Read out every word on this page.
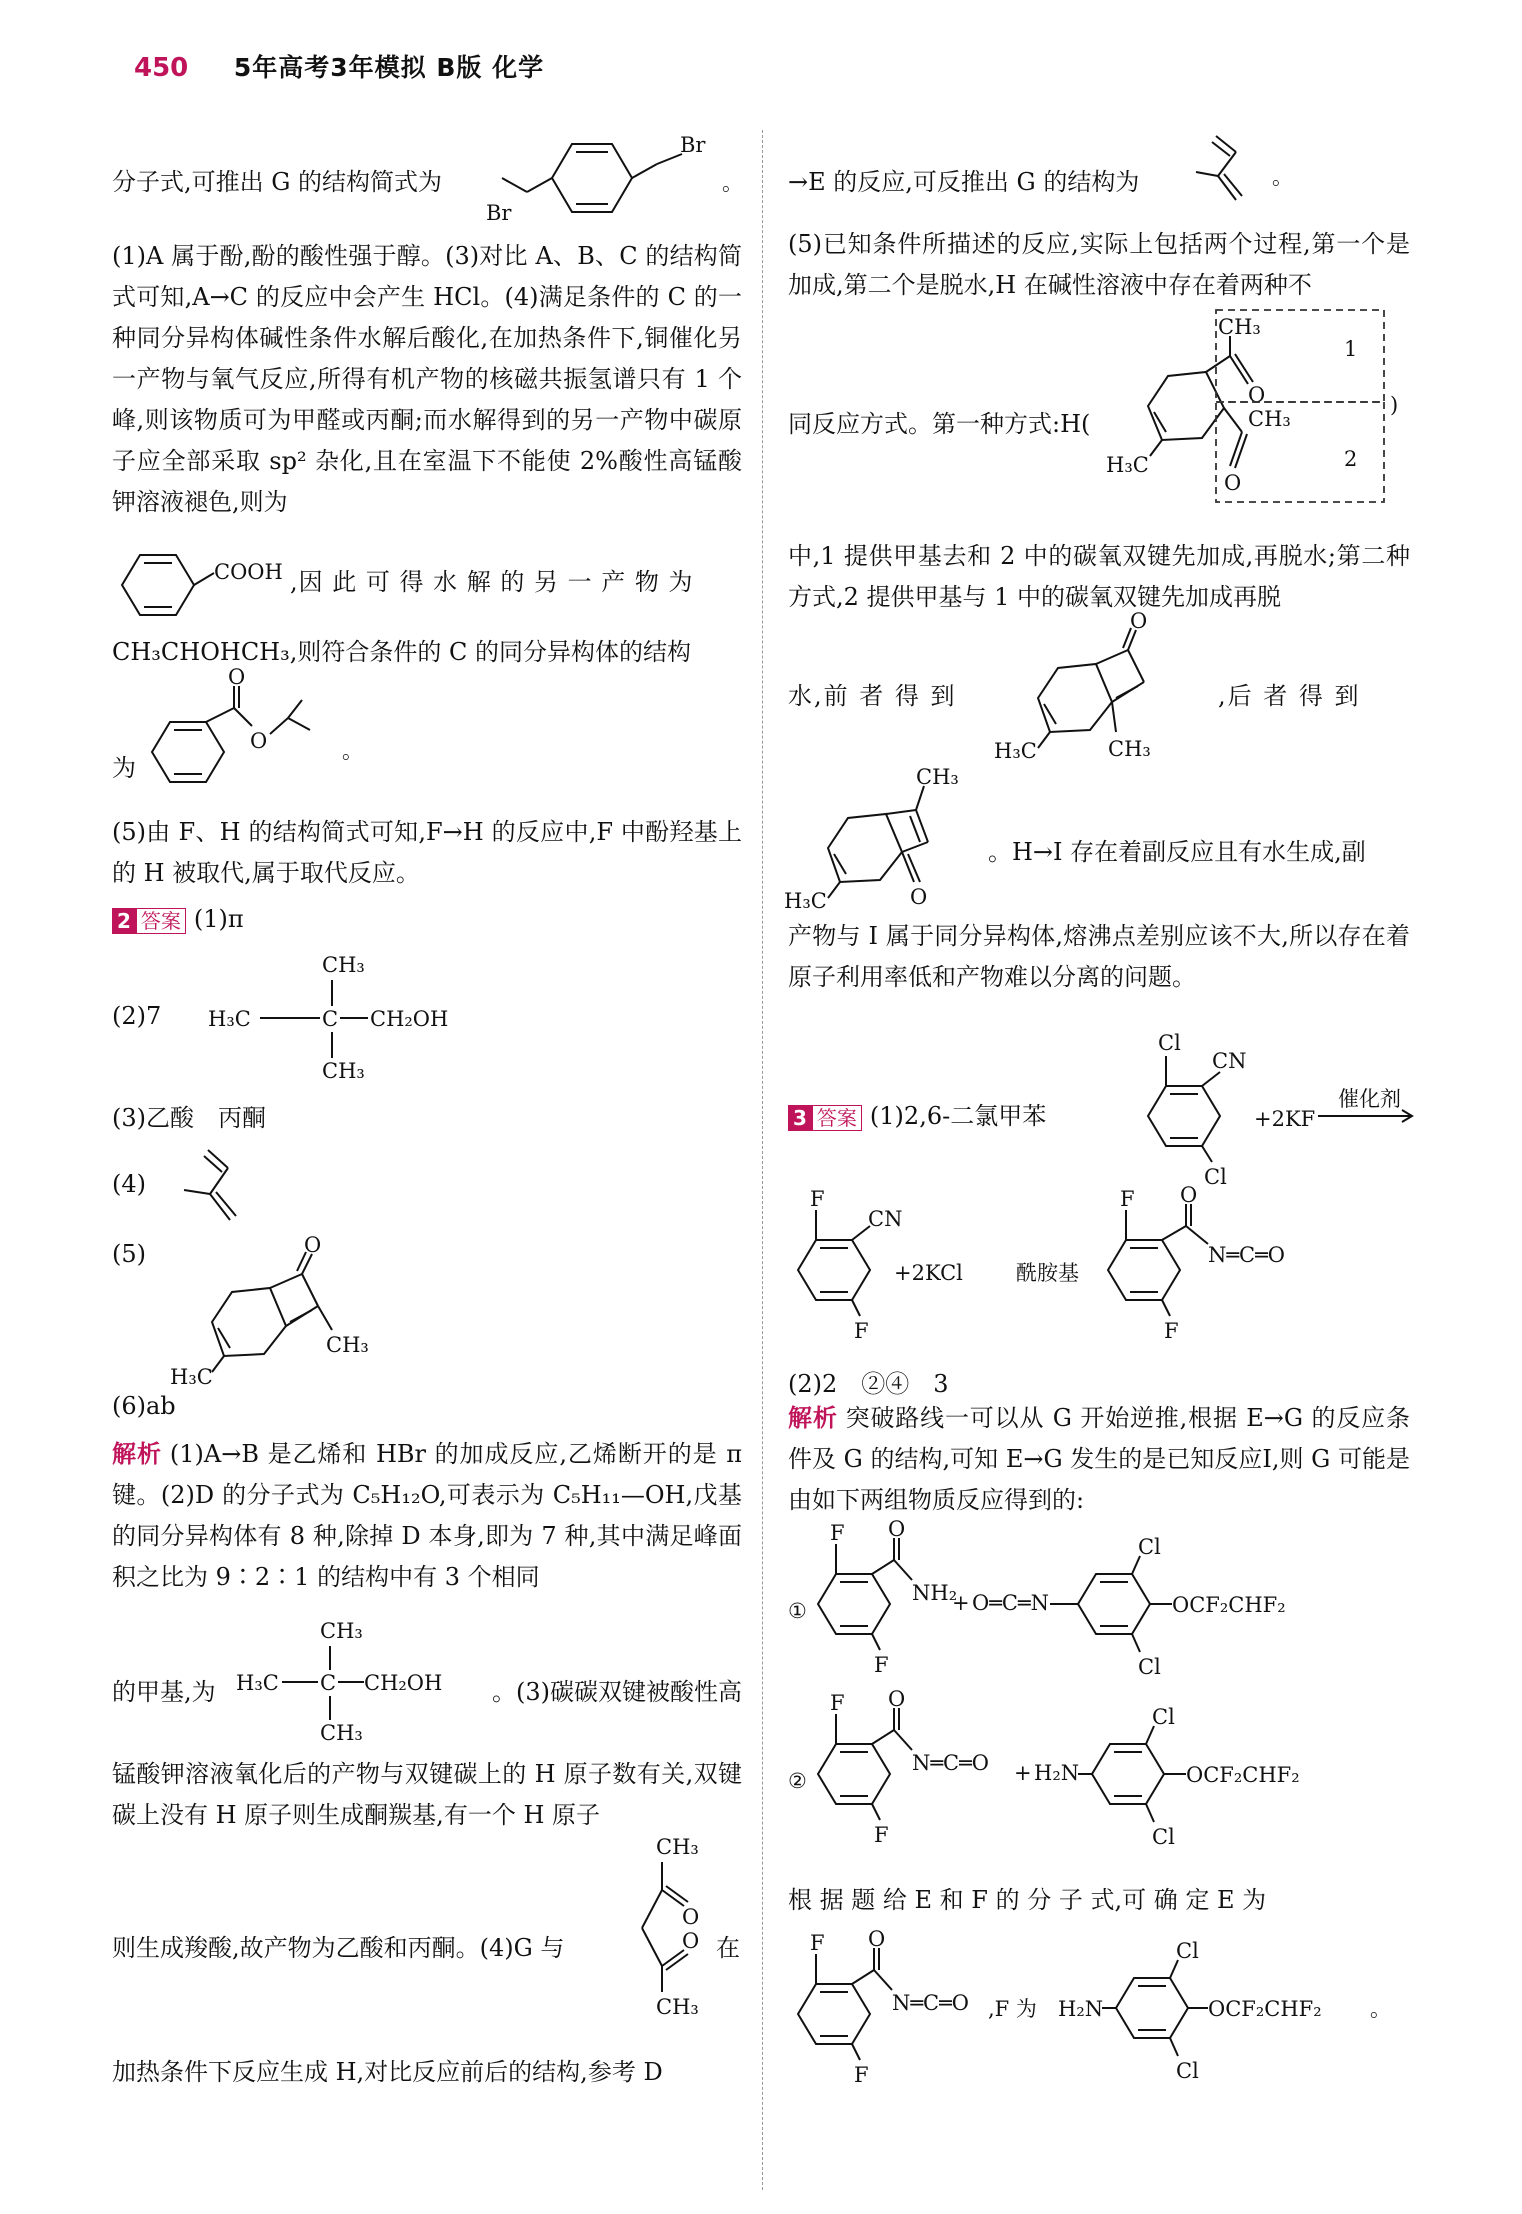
450 5年高考3年模拟 B版 化学
分子式,可推出 G 的结构简式为
Br
Br
。
(1)A 属于酚,酚的酸性强于醇。(3)对比 A、B、C 的结构简式可知,A→C 的反应中会产生 HCl。(4)满足条件的 C 的一种同分异构体碱性条件水解后酸化,在加热条件下,铜催化另一产物与氧气反应,所得有机产物的核磁共振氢谱只有 1 个峰,则该物质可为甲醛或丙酮;而水解得到的另一产物中碳原子应全部采取 sp² 杂化,且在室温下不能使 2%酸性高锰酸钾溶液褪色,则为
COOH ,因 此 可 得 水 解 的 另 一 产 物 为
CH₃CHOHCH₃,则符合条件的 C 的同分异构体的结构
为
O
O	。
(5)由 F、H 的结构简式可知,F→H 的反应中,F 中酚羟基上的 H 被取代,属于取代反应。
2 答案 (1)π
(2)7
CH₃
H₃C	C CH₂OH
CH₃
(3)乙酸　丙酮
(4)
(5)	O
CH₃
H₃C
(6)ab
解析 (1)A→B 是乙烯和 HBr 的加成反应,乙烯断开的是 π 键。(2)D 的分子式为 C₅H₁₂O,可表示为 C₅H₁₁—OH,戊基的同分异构体有 8 种,除掉 D 本身,即为 7 种,其中满足峰面积之比为 9∶2∶1 的结构中有 3 个相同
的甲基,为
CH₃
H₃C C CH₂OH
CH₃
。(3)碳碳双键被酸性高
锰酸钾溶液氧化后的产物与双键碳上的 H 原子数有关,双键碳上没有 H 原子则生成酮羰基,有一个 H 原子
则生成羧酸,故产物为乙酸和丙酮。(4)G 与
CH₃
O
O
CH₃
在
加热条件下反应生成 H,对比反应前后的结构,参考 D
→E 的反应,可反推出 G 的结构为	。
(5)已知条件所描述的反应,实际上包括两个过程,第一个是加成,第二个是脱水,H 在碱性溶液中存在着两种不
同反应方式。第一种方式:H(
H₃C
CH₃
O
CH₃
O
1
2
)
中,1 提供甲基去和 2 中的碳氧双键先加成,再脱水;第二种方式,2 提供甲基与 1 中的碳氧双键先加成再脱
水,前 者 得 到
O
CH₃
H₃C
,后 者 得 到
CH₃
O
H₃C
。H→I 存在着副反应且有水生成,副
产物与 I 属于同分异构体,熔沸点差别应该不大,所以存在着原子利用率低和产物难以分离的问题。
3 答案 (1)2,6-二氯甲苯
Cl
CN
Cl
+2KF
催化剂
F
CN
F
+2KCl	酰胺基
F O
N═C═O
F
(2)2　②④　3
解析 突破路线一可以从 G 开始逆推,根据 E→G 的反应条件及 G 的结构,可知 E→G 发生的是已知反应Ⅰ,则 G 可能是由如下两组物质反应得到的:
①
F O
NH₂
F
+ O═C═N
Cl
OCF₂CHF₂
Cl
②
F O
N═C═O
F
+ H₂N
Cl
OCF₂CHF₂
Cl
根 据 题 给 E 和 F 的 分 子 式,可 确 定 E 为
F O
N═C═O
F
,F 为 H₂N
Cl
OCF₂CHF₂ 。
Cl
